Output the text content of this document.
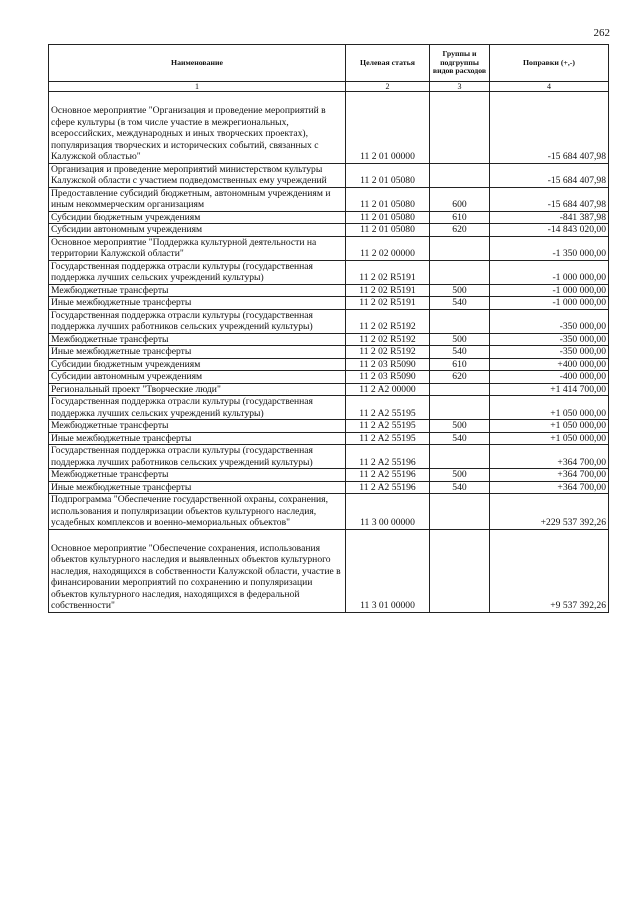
262
Наименование	Целевая статья	Группы и подгруппы видов расходов	Поправки (+,-)
1	2	3	4

Основное мероприятие "Организация и проведение мероприятий в сфере культуры (в том числе участие в межрегиональных, всероссийских, международных и иных творческих проектах), популяризация творческих и исторических событий, связанных с Калужской областью"	11 2 01 00000		-15 684 407,98
Организация и проведение мероприятий министерством культуры Калужской области с участием подведомственных ему учреждений	11 2 01 05080		-15 684 407,98
Предоставление субсидий бюджетным, автономным учреждениям и иным некоммерческим организациям	11 2 01 05080	600	-15 684 407,98
Субсидии бюджетным учреждениям	11 2 01 05080	610	-841 387,98
Субсидии автономным учреждениям	11 2 01 05080	620	-14 843 020,00
Основное мероприятие "Поддержка культурной деятельности на территории Калужской области"	11 2 02 00000		-1 350 000,00
Государственная поддержка отрасли культуры (государственная поддержка лучших сельских учреждений культуры)	11 2 02 R5191		-1 000 000,00
Межбюджетные трансферты	11 2 02 R5191	500	-1 000 000,00
Иные межбюджетные трансферты	11 2 02 R5191	540	-1 000 000,00
Государственная поддержка отрасли культуры (государственная поддержка лучших работников сельских учреждений культуры)	11 2 02 R5192		-350 000,00
Межбюджетные трансферты	11 2 02 R5192	500	-350 000,00
Иные межбюджетные трансферты	11 2 02 R5192	540	-350 000,00
Субсидии бюджетным учреждениям	11 2 03 R5090	610	+400 000,00
Субсидии автономным учреждениям	11 2 03 R5090	620	-400 000,00
Региональный проект "Творческие люди"	11 2 A2 00000		+1 414 700,00
Государственная поддержка отрасли культуры (государственная поддержка лучших сельских учреждений культуры)	11 2 A2 55195		+1 050 000,00
Межбюджетные трансферты	11 2 A2 55195	500	+1 050 000,00
Иные межбюджетные трансферты	11 2 A2 55195	540	+1 050 000,00
Государственная поддержка отрасли культуры (государственная поддержка лучших работников сельских учреждений культуры)	11 2 A2 55196		+364 700,00
Межбюджетные трансферты	11 2 A2 55196	500	+364 700,00
Иные межбюджетные трансферты	11 2 A2 55196	540	+364 700,00
Подпрограмма "Обеспечение государственной охраны, сохранения, использования и популяризации объектов культурного наследия, усадебных комплексов и военно-мемориальных объектов"	11 3 00 00000		+229 537 392,26

Основное мероприятие "Обеспечение сохранения, использования объектов культурного наследия и выявленных объектов культурного наследия, находящихся в собственности Калужской области, участие в финансировании мероприятий по сохранению и популяризации объектов культурного наследия, находящихся в федеральной собственности"	11 3 01 00000		+9 537 392,26
